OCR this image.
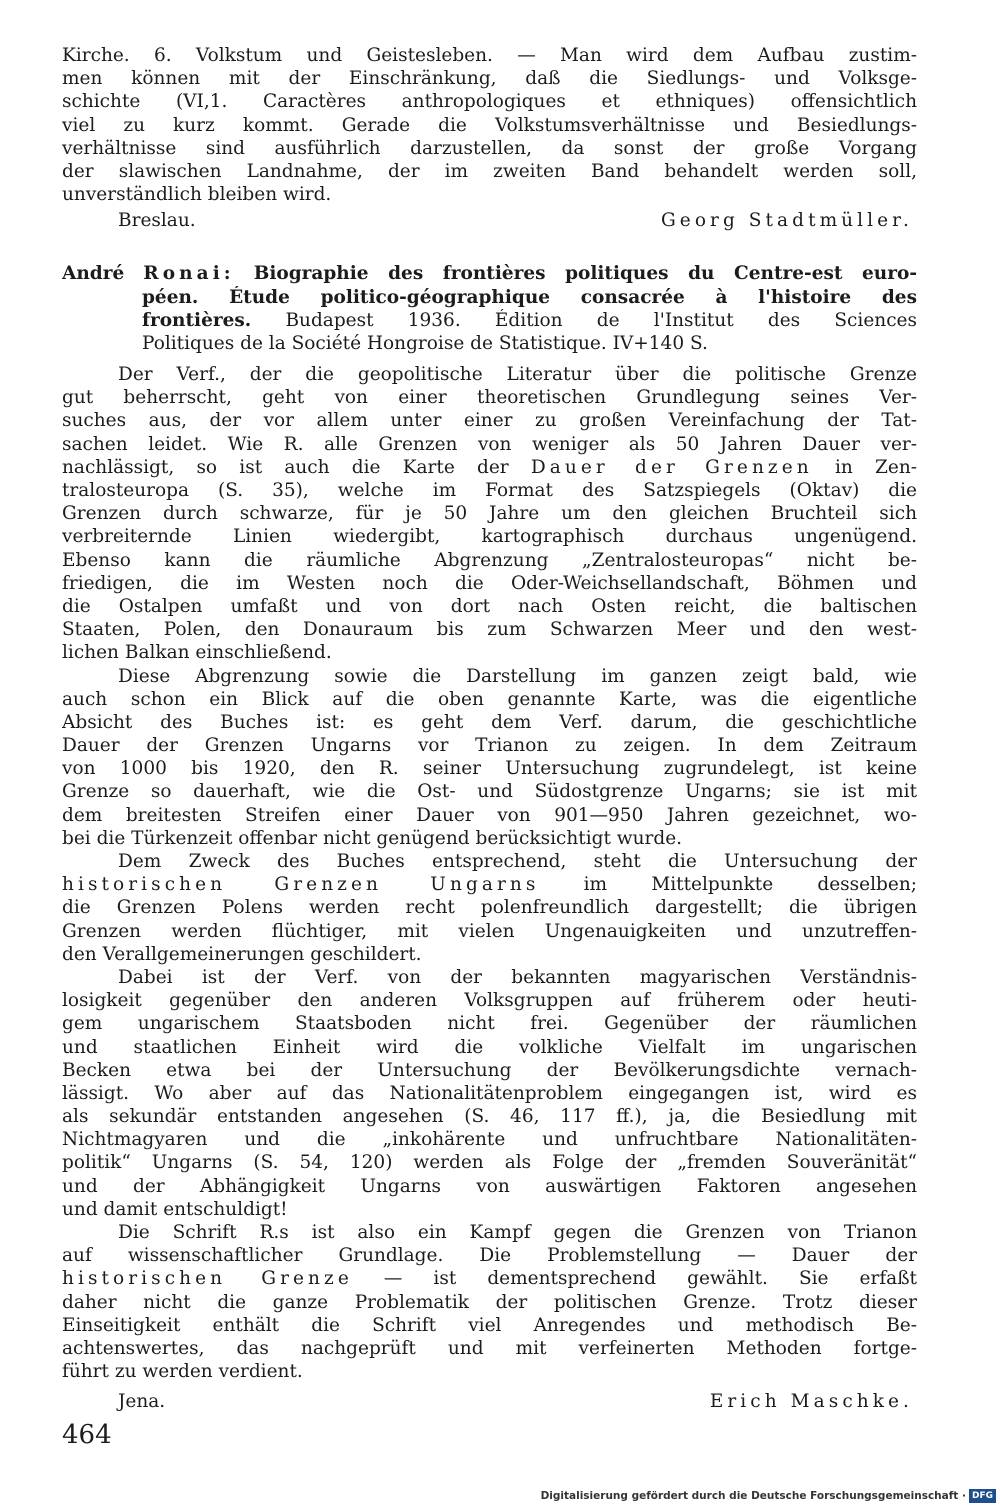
Kirche. 6. Volkstum und Geistesleben. — Man wird dem Aufbau zustim-
men können mit der Einschränkung, daß die Siedlungs- und Volksge-
schichte (VI,1. Caractères anthropologiques et ethniques) offensichtlich
viel zu kurz kommt. Gerade die Volkstumsverhältnisse und Besiedlungs-
verhältnisse sind ausführlich darzustellen, da sonst der große Vorgang
der slawischen Landnahme, der im zweiten Band behandelt werden soll,
unverständlich bleiben wird.
Breslau.	Georg Stadtmüller.
André Ronai: Biographie des frontières politiques du Centre-est euro-
péen. Étude politico-géographique consacrée à l'histoire des
frontières. Budapest 1936. Édition de l'Institut des Sciences
Politiques de la Société Hongroise de Statistique. IV+140 S.
Der Verf., der die geopolitische Literatur über die politische Grenze
gut beherrscht, geht von einer theoretischen Grundlegung seines Ver-
suches aus, der vor allem unter einer zu großen Vereinfachung der Tat-
sachen leidet. Wie R. alle Grenzen von weniger als 50 Jahren Dauer ver-
nachlässigt, so ist auch die Karte der Dauer der Grenzen in Zen-
tralosteuropa (S. 35), welche im Format des Satzspiegels (Oktav) die
Grenzen durch schwarze, für je 50 Jahre um den gleichen Bruchteil sich
verbreiternde Linien wiedergibt, kartographisch durchaus ungenügend.
Ebenso kann die räumliche Abgrenzung „Zentralosteuropas“ nicht be-
friedigen, die im Westen noch die Oder-Weichsellandschaft, Böhmen und
die Ostalpen umfaßt und von dort nach Osten reicht, die baltischen
Staaten, Polen, den Donauraum bis zum Schwarzen Meer und den west-
lichen Balkan einschließend.
Diese Abgrenzung sowie die Darstellung im ganzen zeigt bald, wie
auch schon ein Blick auf die oben genannte Karte, was die eigentliche
Absicht des Buches ist: es geht dem Verf. darum, die geschichtliche
Dauer der Grenzen Ungarns vor Trianon zu zeigen. In dem Zeitraum
von 1000 bis 1920, den R. seiner Untersuchung zugrundelegt, ist keine
Grenze so dauerhaft, wie die Ost- und Südostgrenze Ungarns; sie ist mit
dem breitesten Streifen einer Dauer von 901—950 Jahren gezeichnet, wo-
bei die Türkenzeit offenbar nicht genügend berücksichtigt wurde.
Dem Zweck des Buches entsprechend, steht die Untersuchung der
historischen Grenzen Ungarns im Mittelpunkte desselben;
die Grenzen Polens werden recht polenfreundlich dargestellt; die übrigen
Grenzen werden flüchtiger, mit vielen Ungenauigkeiten und unzutreffen-
den Verallgemeinerungen geschildert.
Dabei ist der Verf. von der bekannten magyarischen Verständnis-
losigkeit gegenüber den anderen Volksgruppen auf früherem oder heuti-
gem ungarischem Staatsboden nicht frei. Gegenüber der räumlichen
und staatlichen Einheit wird die volkliche Vielfalt im ungarischen
Becken etwa bei der Untersuchung der Bevölkerungsdichte vernach-
lässigt. Wo aber auf das Nationalitätenproblem eingegangen ist, wird es
als sekundär entstanden angesehen (S. 46, 117 ff.), ja, die Besiedlung mit
Nichtmagyaren und die „inkohärente und unfruchtbare Nationalitäten-
politik“ Ungarns (S. 54, 120) werden als Folge der „fremden Souveränität“
und der Abhängigkeit Ungarns von auswärtigen Faktoren angesehen
und damit entschuldigt!
Die Schrift R.s ist also ein Kampf gegen die Grenzen von Trianon
auf wissenschaftlicher Grundlage. Die Problemstellung — Dauer der
historischen Grenze — ist dementsprechend gewählt. Sie erfaßt
daher nicht die ganze Problematik der politischen Grenze. Trotz dieser
Einseitigkeit enthält die Schrift viel Anregendes und methodisch Be-
achtenswertes, das nachgeprüft und mit verfeinerten Methoden fortge-
führt zu werden verdient.
Jena.	Erich Maschke.
464
Digitalisierung gefördert durch die Deutsche Forschungsgemeinschaft · DFG
